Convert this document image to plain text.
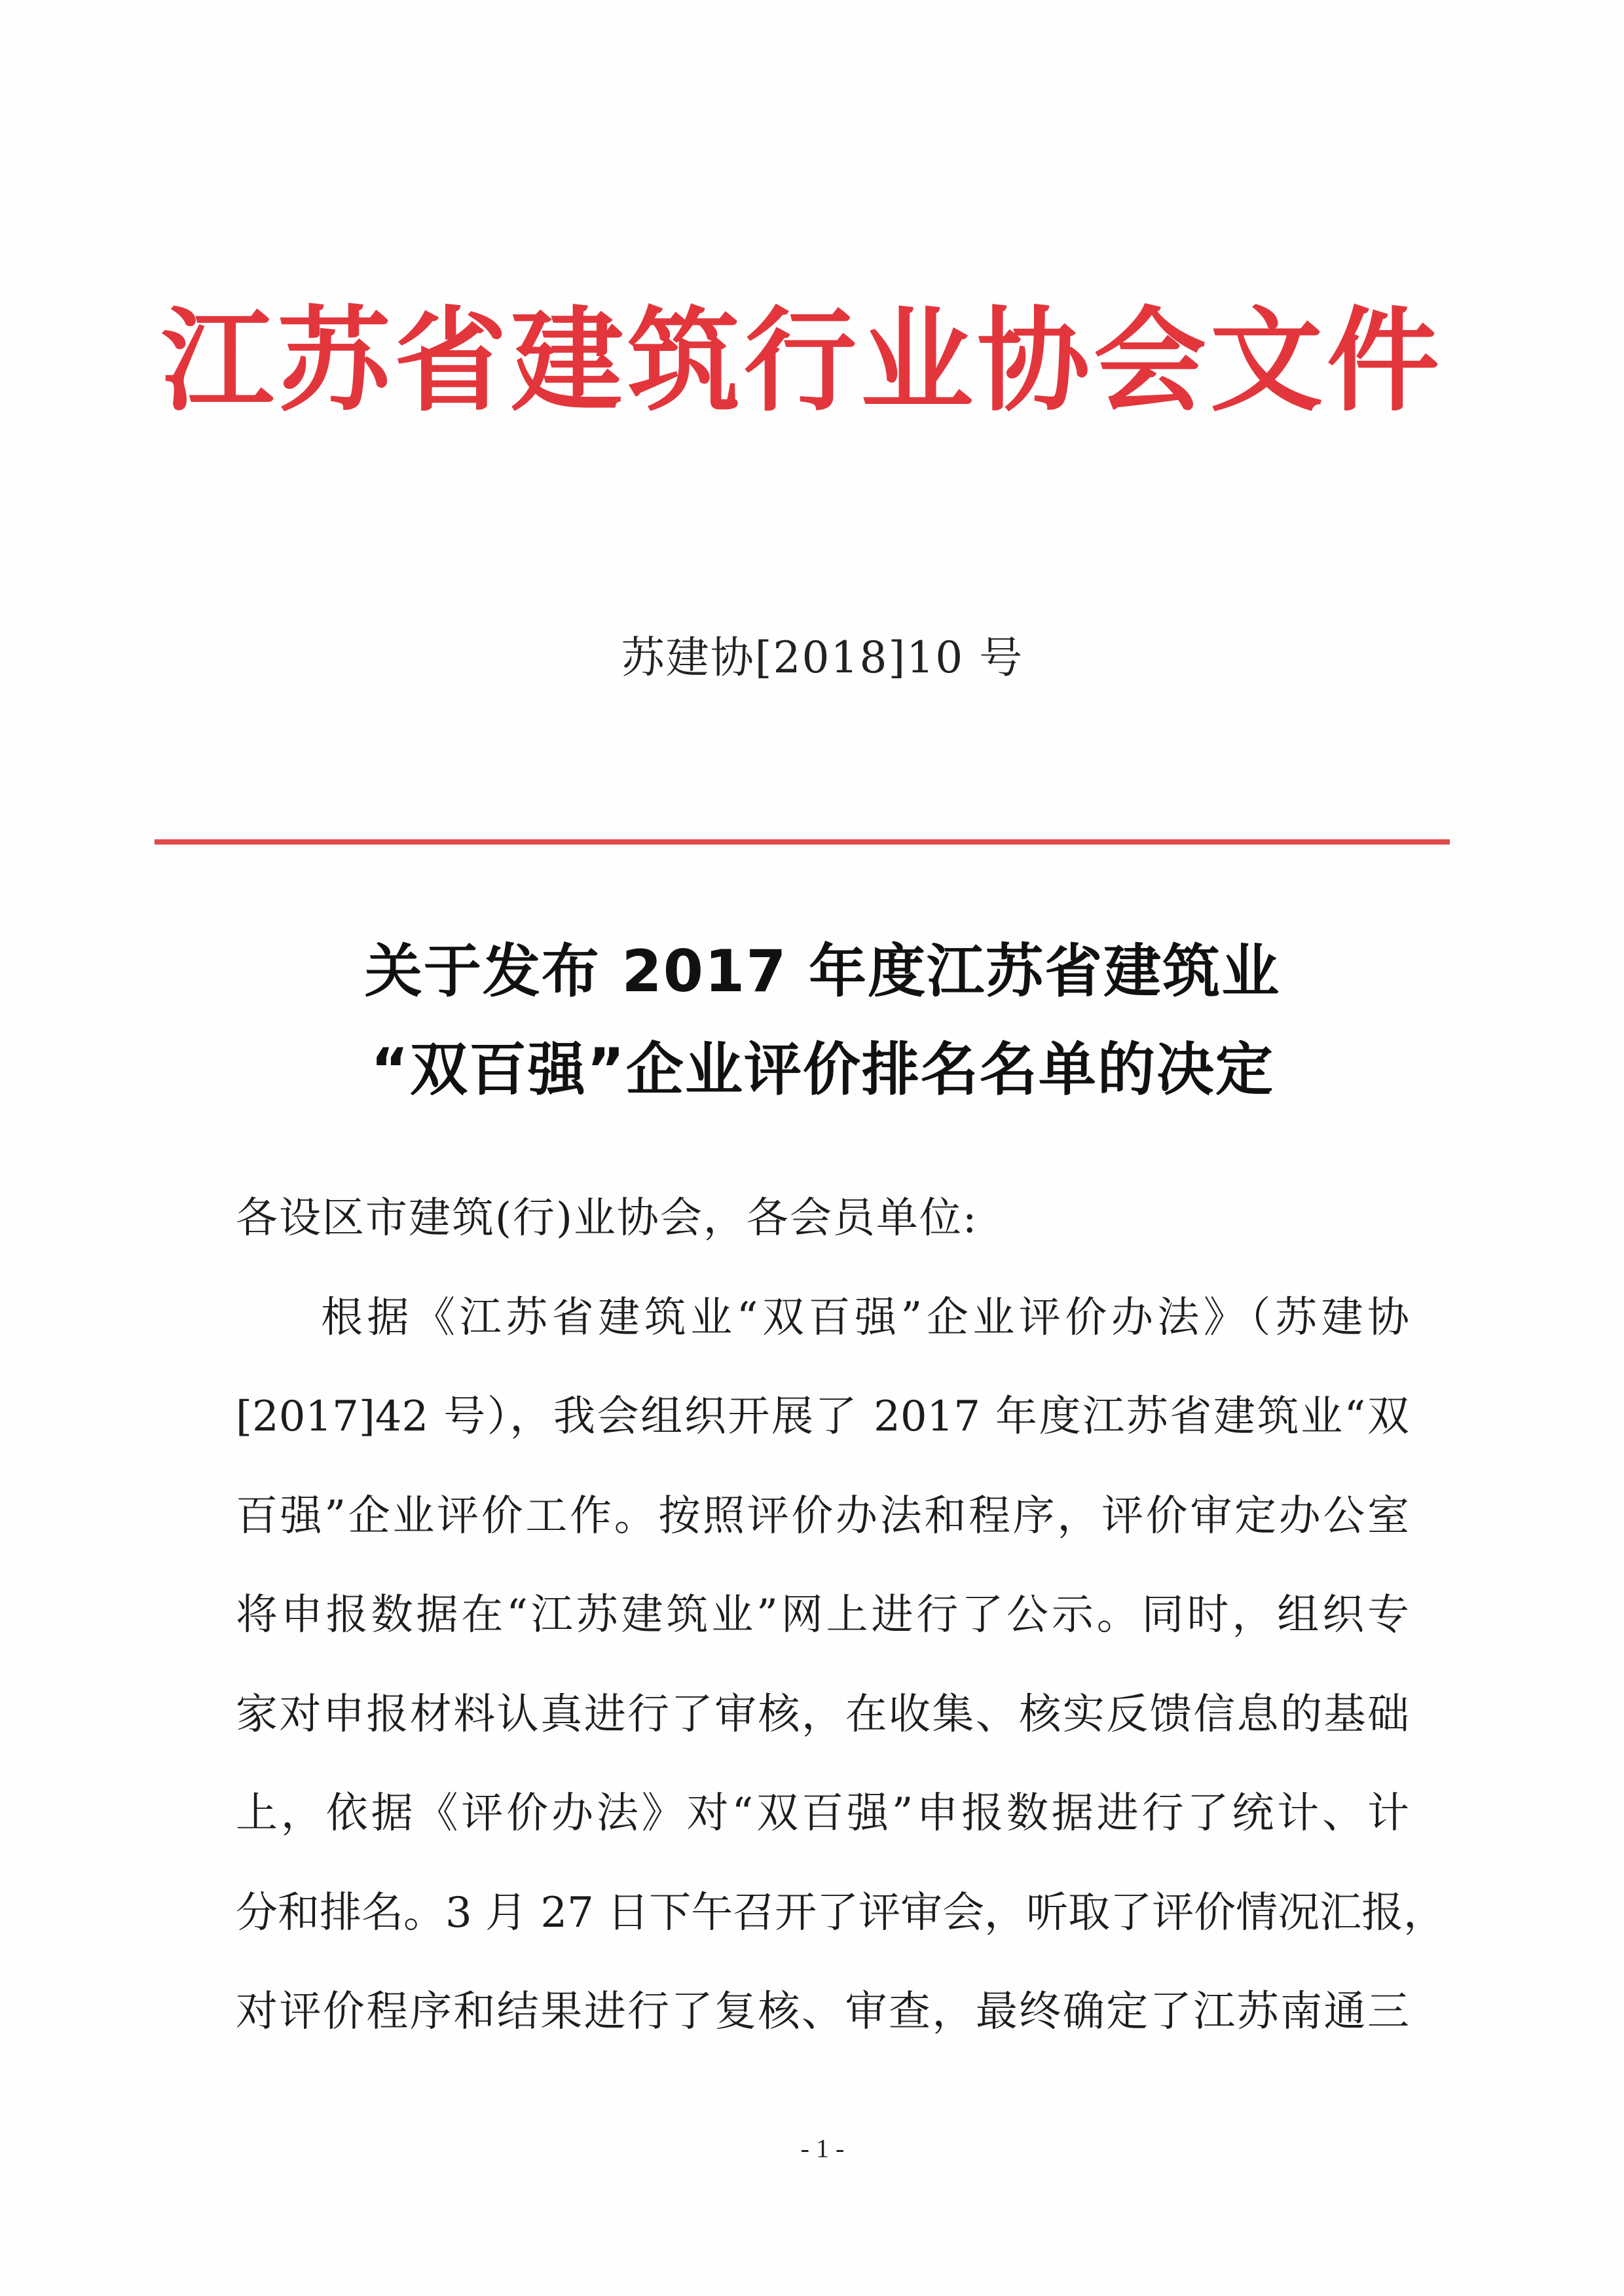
江苏省建筑行业协会文件
苏建协[2018]10 号
关于发布 2017 年度江苏省建筑业
“双百强”企业评价排名名单的决定
各设区市建筑(行)业协会，各会员单位:
根据《江苏省建筑业“双百强”企业评价办法》（苏建协
[2017]42 号），我会组织开展了 2017 年度江苏省建筑业“双
百强”企业评价工作。按照评价办法和程序，评价审定办公室
将申报数据在“江苏建筑业”网上进行了公示。同时，组织专
家对申报材料认真进行了审核，在收集、核实反馈信息的基础
上，依据《评价办法》对“双百强”申报数据进行了统计、计
分和排名。3 月 27 日下午召开了评审会，听取了评价情况汇报，
对评价程序和结果进行了复核、审查，最终确定了江苏南通三
- 1 -
